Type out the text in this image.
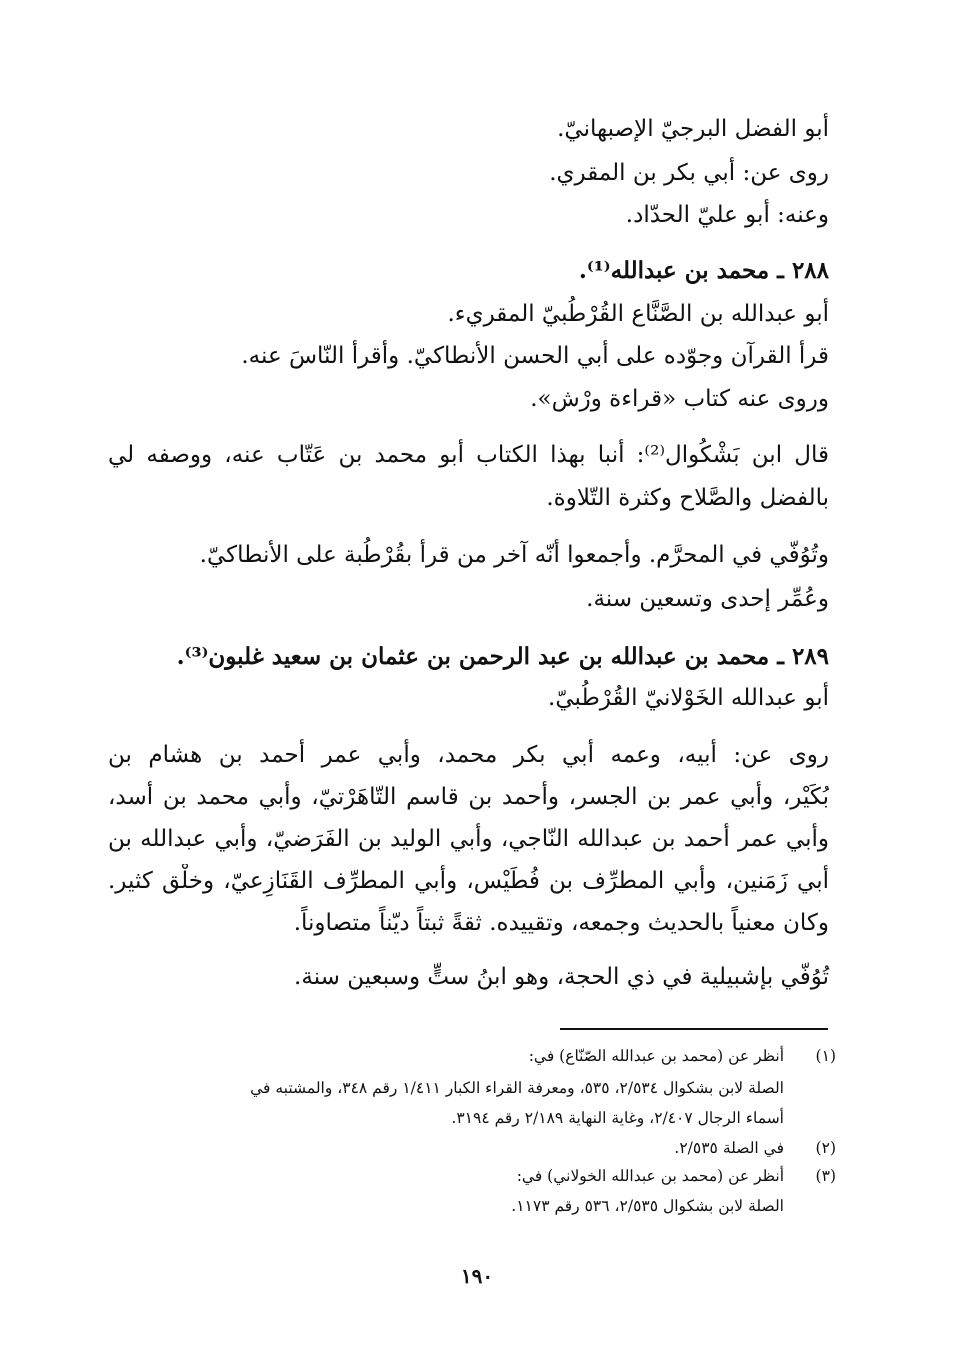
أبو الفضل البرجيّ الإصبهانيّ.
روى عن: أبي بكر بن المقري.
وعنه: أبو عليّ الحدّاد.
٢٨٨ ـ محمد بن عبدالله⁽¹⁾.
أبو عبدالله بن الصَّنَّاع القُرْطُبيّ المقريء.
قرأ القرآن وجوّده على أبي الحسن الأنطاكيّ. وأقرأ النّاسَ عنه.
وروى عنه كتاب «قراءة ورْش».
قال ابن بَشْكُوال⁽²⁾: أنبا بهذا الكتاب أبو محمد بن عَتّاب عنه، ووصفه لي
بالفضل والصَّلاح وكثرة التّلاوة.
وتُوُفّي في المحرَّم. وأجمعوا أنّه آخر من قرأ بقُرْطُبة على الأنطاكيّ.
وعُمِّر إحدى وتسعين سنة.
٢٨٩ ـ محمد بن عبدالله بن عبد الرحمن بن عثمان بن سعيد غلبون⁽³⁾.
أبو عبدالله الخَوْلانيّ القُرْطُبيّ.
روى عن: أبيه، وعمه أبي بكر محمد، وأبي عمر أحمد بن هشام بن
بُكَيْر، وأبي عمر بن الجسر، وأحمد بن قاسم التّاهَرْتيّ، وأبي محمد بن أسد،
وأبي عمر أحمد بن عبدالله النّاجي، وأبي الوليد بن الفَرَضيّ، وأبي عبدالله بن
أبي زَمَنين، وأبي المطرِّف بن فُطَيْس، وأبي المطرِّف القَنَازِعيّ، وخلْق كثير.
وكان معنياً بالحديث وجمعه، وتقييده. ثقةً ثبتاً ديّناً متصاوناً.
تُوُفّي بإشبيلية في ذي الحجة، وهو ابنُ ستٍّ وسبعين سنة.
(١)
أنظر عن (محمد بن عبدالله الصّنّاع) في:
الصلة لابن بشكوال ٢/٥٣٤، ٥٣٥، ومعرفة القراء الكبار ١/٤١١ رقم ٣٤٨، والمشتبه في
أسماء الرجال ٢/٤٠٧، وغاية النهاية ٢/١٨٩ رقم ٣١٩٤.
(٢)
في الصلة ٢/٥٣٥.
(٣)
أنظر عن (محمد بن عبدالله الخولاني) في:
الصلة لابن بشكوال ٢/٥٣٥، ٥٣٦ رقم ١١٧٣.
١٩٠
